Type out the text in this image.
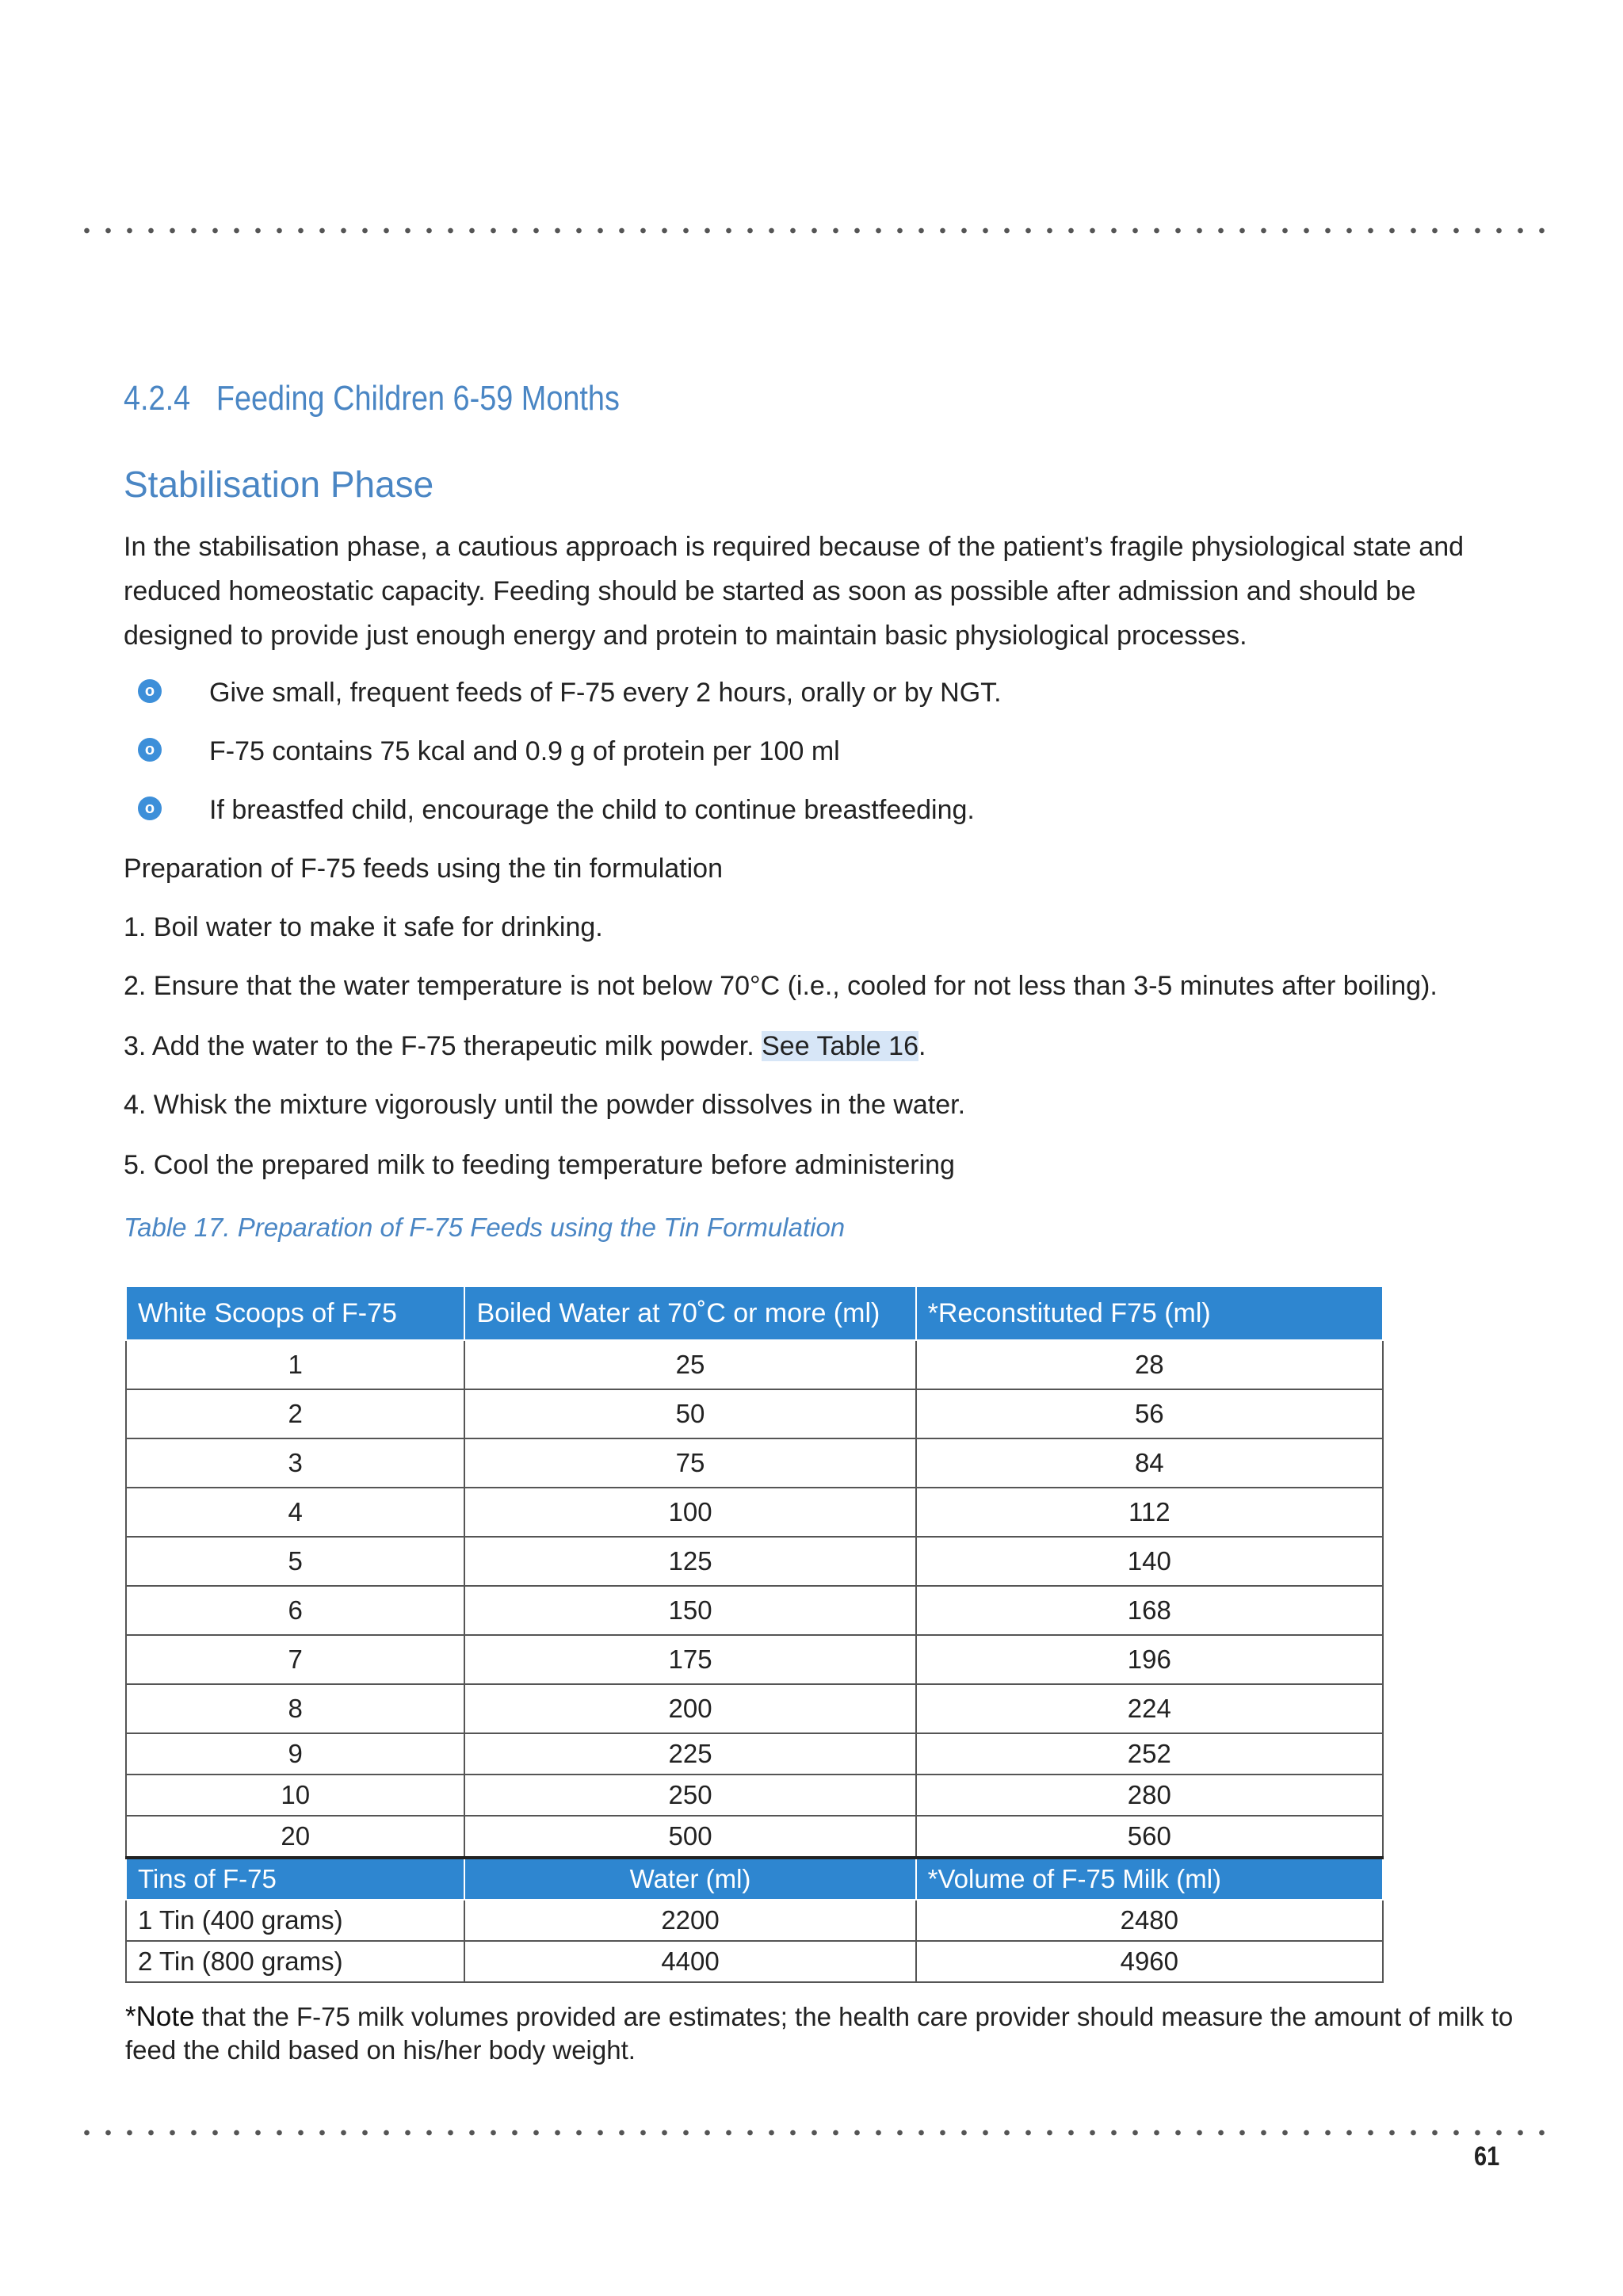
4.2.4 Feeding Children 6-59 Months
Stabilisation Phase
In the stabilisation phase, a cautious approach is required because of the patient’s fragile physiological state and reduced homeostatic capacity. Feeding should be started as soon as possible after admission and should be designed to provide just enough energy and protein to maintain basic physiological processes.
o Give small, frequent feeds of F-75 every 2 hours, orally or by NGT.
o F-75 contains 75 kcal and 0.9 g of protein per 100 ml
o If breastfed child, encourage the child to continue breastfeeding.
Preparation of F-75 feeds using the tin formulation
1. Boil water to make it safe for drinking.
2. Ensure that the water temperature is not below 70°C (i.e., cooled for not less than 3-5 minutes after boiling).
3. Add the water to the F-75 therapeutic milk powder. See Table 16.
4. Whisk the mixture vigorously until the powder dissolves in the water.
5. Cool the prepared milk to feeding temperature before administering
Table 17. Preparation of F-75 Feeds using the Tin Formulation
White Scoops of F-75	Boiled Water at 70˚C or more (ml)	*Reconstituted F75 (ml)
1	25	28
2	50	56
3	75	84
4	100	112
5	125	140
6	150	168
7	175	196
8	200	224
9	225	252
10	250	280
20	500	560
Tins of F-75	Water (ml)	*Volume of F-75 Milk (ml)
1 Tin (400 grams)	2200	2480
2 Tin (800 grams)	4400	4960
*Note that the F-75 milk volumes provided are estimates; the health care provider should measure the amount of milk to feed the child based on his/her body weight.
61
